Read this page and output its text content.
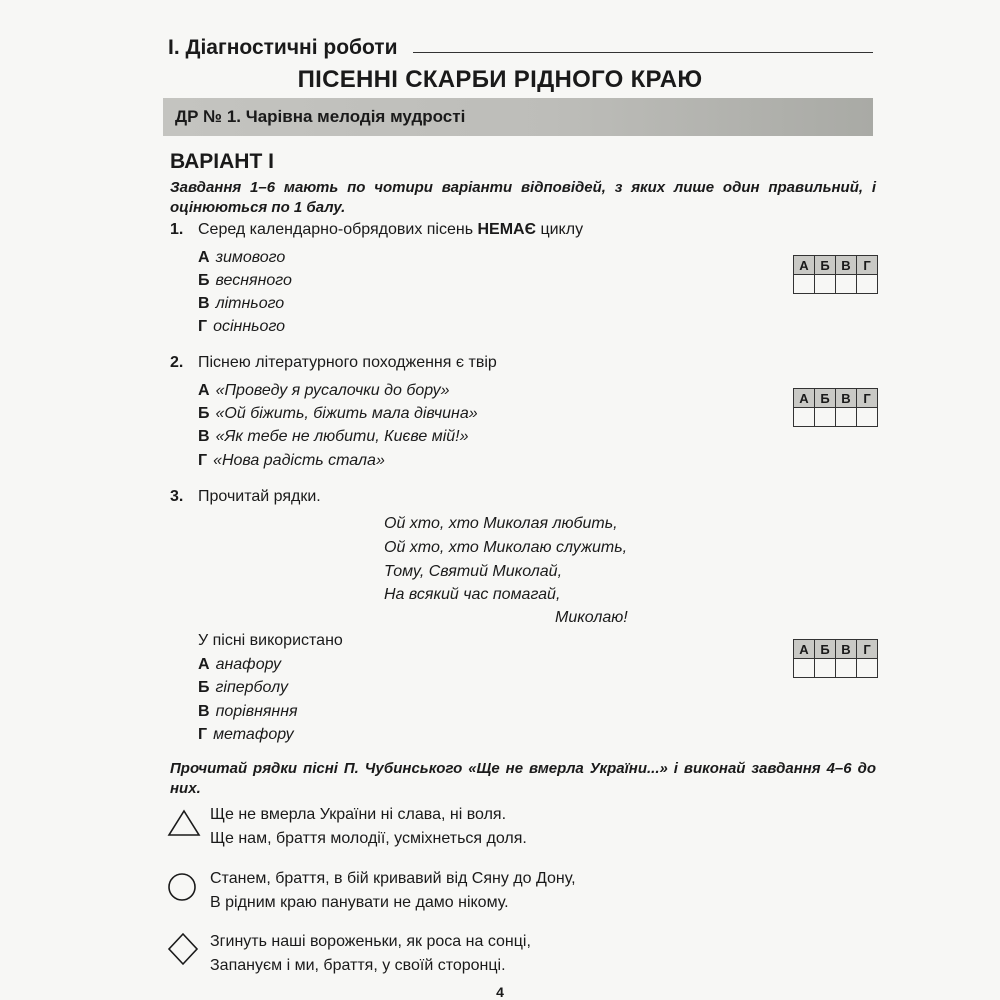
І. Діагностичні роботи
ПІСЕННІ СКАРБИ РІДНОГО КРАЮ
ДР № 1. Чарівна мелодія мудрості
ВАРІАНТ І
Завдання 1–6 мають по чотири варіанти відповідей, з яких лише один правильний, і оцінюються по 1 балу.
1. Серед календарно-обрядових пісень НЕМАЄ циклу
А зимового
Б весняного
В літнього
Г осіннього
А	Б	В	Г

2. Піснею літературного походження є твір
А «Проведу я русалочки до бору»
Б «Ой біжить, біжить мала дівчина»
В «Як тебе не любити, Києве мій!»
Г «Нова радість стала»
А	Б	В	Г

3. Прочитай рядки.
Ой хто, хто Миколая любить,
Ой хто, хто Миколаю служить,
Тому, Святий Миколай,
На всякий час помагай,
Миколаю!
У пісні використано
А анафору
Б гіперболу
В порівняння
Г метафору
А	Б	В	Г

Прочитай рядки пісні П. Чубинського «Ще не вмерла України...» і виконай завдання 4–6 до них.
Ще не вмерла України ні слава, ні воля.
Ще нам, браття молодії, усміхнеться доля.
Станем, браття, в бій кривавий від Сяну до Дону,
В рідним краю панувати не дамо нікому.
Згинуть наші вороженьки, як роса на сонці,
Запануєм і ми, браття, у своїй сторонці.
4
